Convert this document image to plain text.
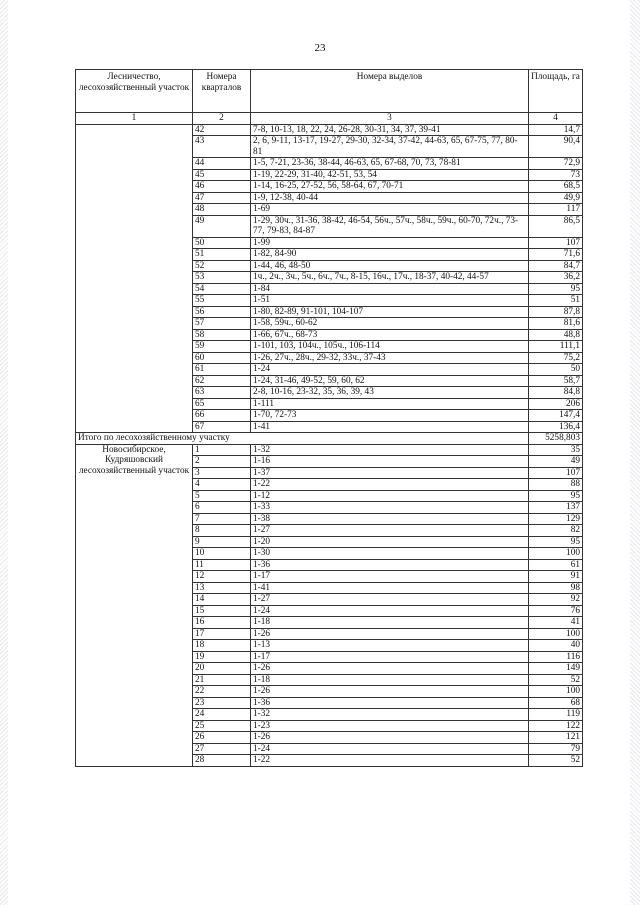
23
Лесничество, лесохозяйственный участок	Номера кварталов	Номера выделов	Площадь, га
1	2	3	4
	42	7-8, 10-13, 18, 22, 24, 26-28, 30-31, 34, 37, 39-41	14,7
	43	2, 6, 9-11, 13-17, 19-27, 29-30, 32-34, 37-42, 44-63, 65, 67-75, 77, 80-81	90,4
	44	1-5, 7-21, 23-36, 38-44, 46-63, 65, 67-68, 70, 73, 78-81	72,9
	45	1-19, 22-29, 31-40, 42-51, 53, 54	73
	46	1-14, 16-25, 27-52, 56, 58-64, 67, 70-71	68,5
	47	1-9, 12-38, 40-44	49,9
	48	1-69	117
	49	1-29, 30ч., 31-36, 38-42, 46-54, 56ч., 57ч., 58ч., 59ч., 60-70, 72ч., 73-77, 79-83, 84-87	86,5
	50	1-99	107
	51	1-82, 84-90	71,6
	52	1-44, 46, 48-50	84,7
	53	1ч., 2ч., 3ч., 5ч., 6ч., 7ч., 8-15, 16ч., 17ч., 18-37, 40-42, 44-57	36,2
	54	1-84	95
	55	1-51	51
	56	1-80, 82-89, 91-101, 104-107	87,8
	57	1-58, 59ч., 60-62	81,6
	58	1-66, 67ч., 68-73	48,8
	59	1-101, 103, 104ч., 105ч., 106-114	111,1
	60	1-26, 27ч., 28ч., 29-32, 33ч., 37-43	75,2
	61	1-24	50
	62	1-24, 31-46, 49-52, 59, 60, 62	58,7
	63	2-8, 10-16, 23-32, 35, 36, 39, 43	84,8
	65	1-111	206
	66	1-70, 72-73	147,4
	67	1-41	136,4
Итого по лесохозяйственному участку			5258,803
Новосибирское, Кудряшовский лесохозяйственный участок	1	1-32	35
	2	1-16	49
	3	1-37	107
	4	1-22	88
	5	1-12	95
	6	1-33	137
	7	1-38	129
	8	1-27	82
	9	1-20	95
	10	1-30	100
	11	1-36	61
	12	1-17	91
	13	1-41	98
	14	1-27	92
	15	1-24	76
	16	1-18	41
	17	1-26	100
	18	1-13	40
	19	1-17	116
	20	1-26	149
	21	1-18	52
	22	1-26	100
	23	1-36	68
	24	1-32	119
	25	1-23	122
	26	1-26	121
	27	1-24	79
	28	1-22	52
